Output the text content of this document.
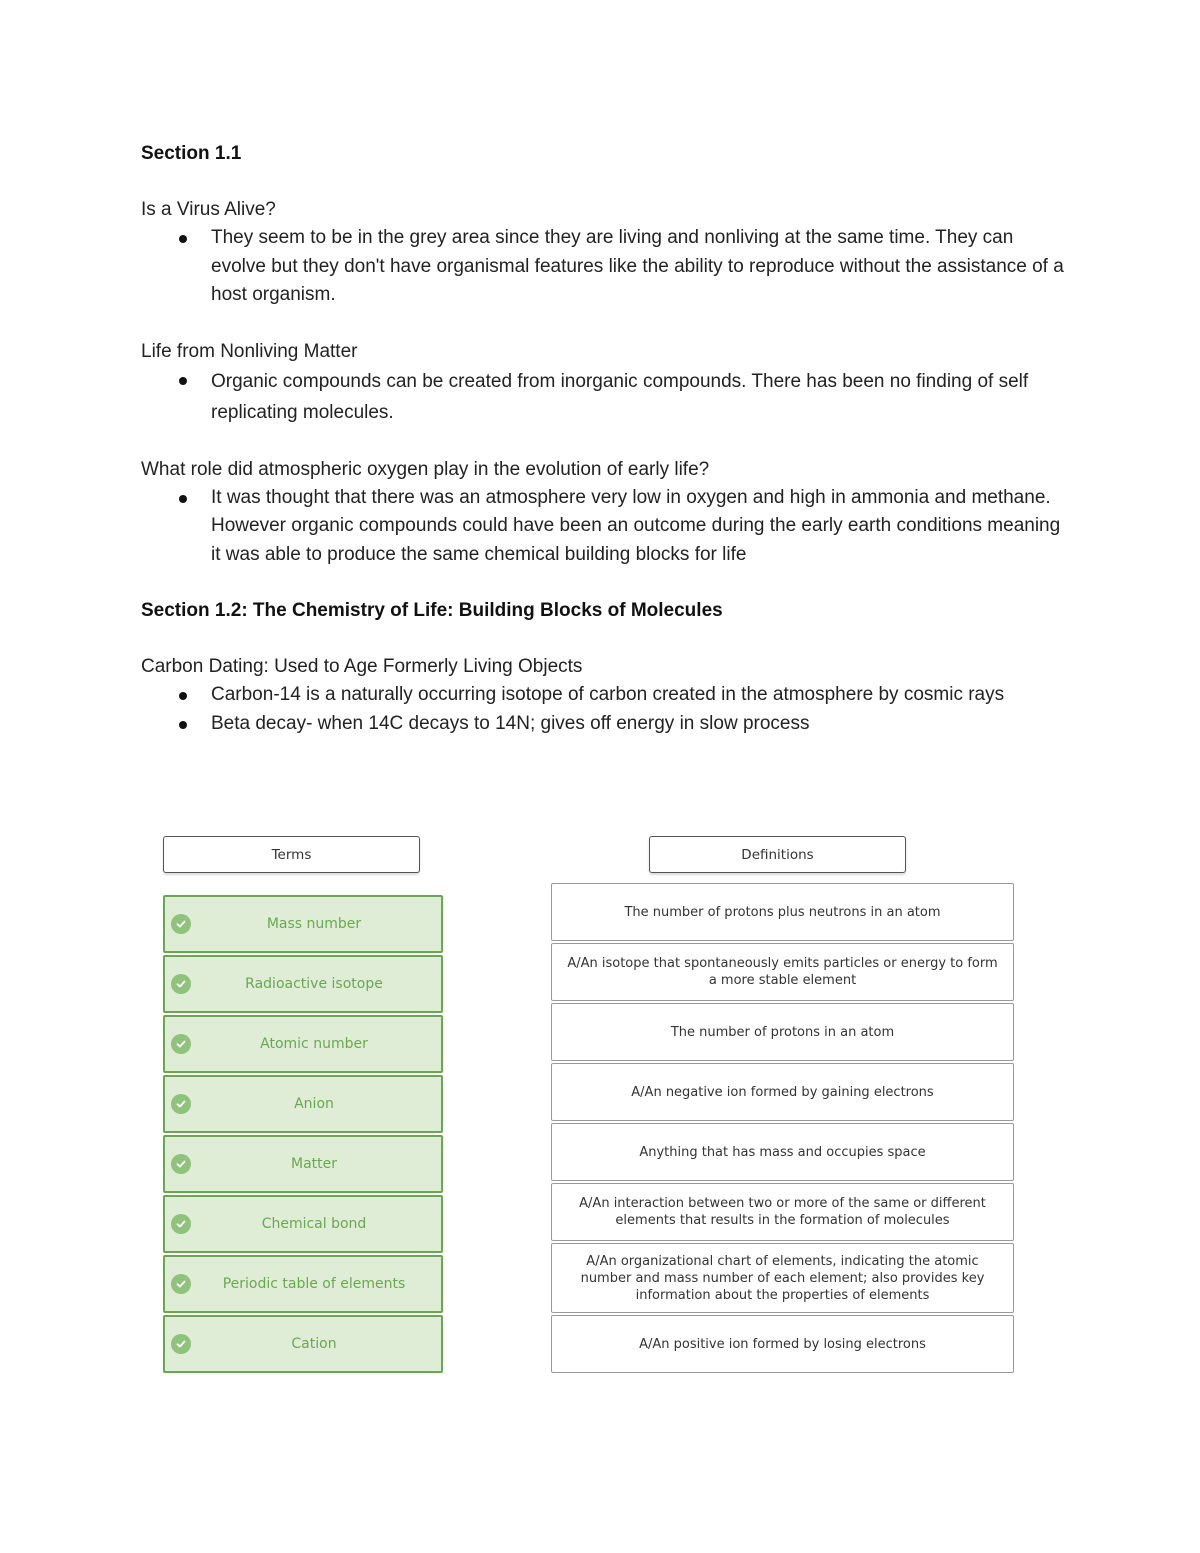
Section 1.1

Is a Virus Alive?

They seem to be in the grey area since they are living and nonliving at the same time. They can evolve but they don't have organismal features like the ability to reproduce without the assistance of a host organism.

Life from Nonliving Matter

Organic compounds can be created from inorganic compounds. There has been no finding of self replicating molecules.

What role did atmospheric oxygen play in the evolution of early life?

It was thought that there was an atmosphere very low in oxygen and high in ammonia and methane. However organic compounds could have been an outcome during the early earth conditions meaning it was able to produce the same chemical building blocks for life

Section 1.2: The Chemistry of Life: Building Blocks of Molecules

Carbon Dating: Used to Age Formerly Living Objects

Carbon-14 is a naturally occurring isotope of carbon created in the atmosphere by cosmic rays
Beta decay- when 14C decays to 14N; gives off energy in slow process
Terms	Definitions
Mass number
Radioactive isotope
Atomic number
Anion
Matter
Chemical bond
Periodic table of elements
Cation
The number of protons plus neutrons in an atom
A/An isotope that spontaneously emits particles or energy to form a more stable element
The number of protons in an atom
A/An negative ion formed by gaining electrons
Anything that has mass and occupies space
A/An interaction between two or more of the same or different elements that results in the formation of molecules
A/An organizational chart of elements, indicating the atomic number and mass number of each element; also provides key information about the properties of elements
A/An positive ion formed by losing electrons
